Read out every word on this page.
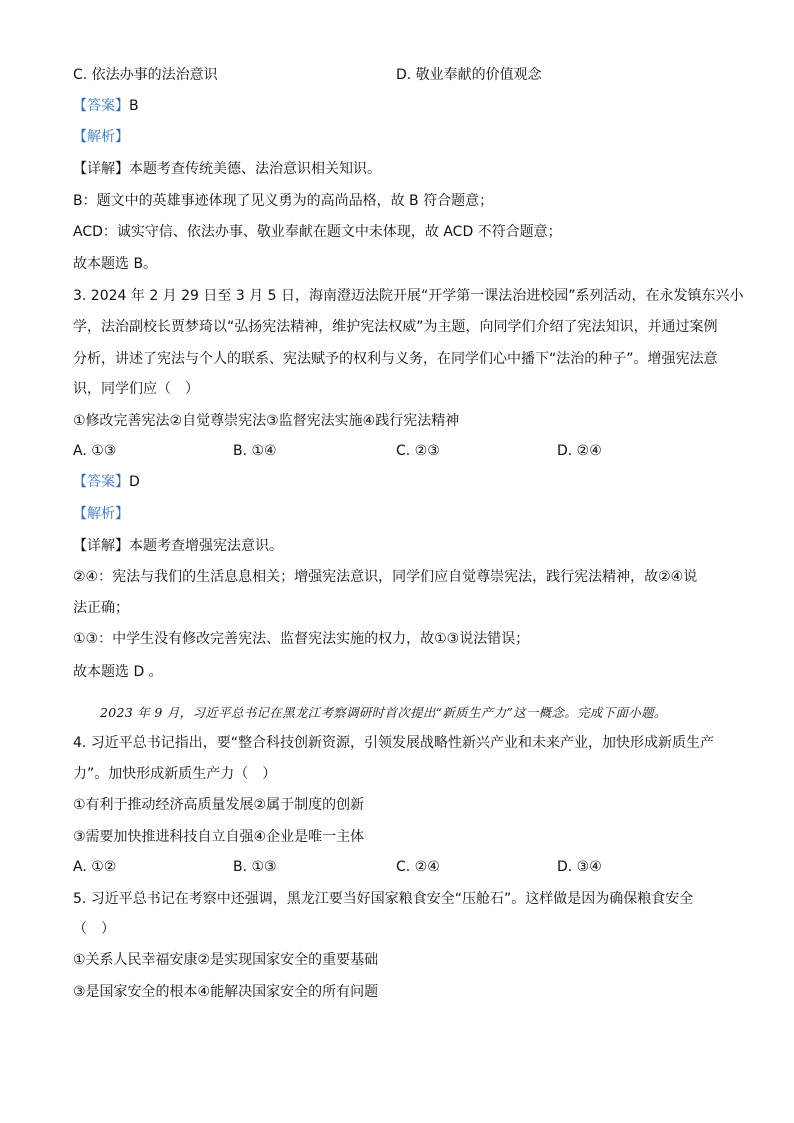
C. 依法办事的法治意识	D. 敬业奉献的价值观念
【答案】B
【解析】
【详解】本题考查传统美德、法治意识相关知识。
B：题文中的英雄事迹体现了见义勇为的高尚品格，故 B 符合题意；
ACD：诚实守信、依法办事、敬业奉献在题文中未体现，故 ACD 不符合题意；
故本题选 B。
3. 2024 年 2 月 29 日至 3 月 5 日，海南澄迈法院开展“开学第一课法治进校园”系列活动，在永发镇东兴小
学，法治副校长贾梦琦以“弘扬宪法精神，维护宪法权威”为主题，向同学们介绍了宪法知识，并通过案例
分析，讲述了宪法与个人的联系、宪法赋予的权利与义务，在同学们心中播下“法治的种子”。增强宪法意
识，同学们应（　）
①修改完善宪法②自觉尊崇宪法③监督宪法实施④践行宪法精神
A. ①③	B. ①④	C. ②③	D. ②④
【答案】D
【解析】
【详解】本题考查增强宪法意识。
②④：宪法与我们的生活息息相关；增强宪法意识，同学们应自觉尊崇宪法，践行宪法精神，故②④说
法正确；
①③：中学生没有修改完善宪法、监督宪法实施的权力，故①③说法错误；
故本题选 D 。
2023 年 9 月，习近平总书记在黑龙江考察调研时首次提出“新质生产力”这一概念。完成下面小题。
4. 习近平总书记指出，要“整合科技创新资源，引领发展战略性新兴产业和未来产业，加快形成新质生产
力”。加快形成新质生产力（　）
①有利于推动经济高质量发展②属于制度的创新
③需要加快推进科技自立自强④企业是唯一主体
A. ①②	B. ①③	C. ②④	D. ③④
5. 习近平总书记在考察中还强调，黑龙江要当好国家粮食安全“压舱石”。这样做是因为确保粮食安全
（　）
①关系人民幸福安康②是实现国家安全的重要基础
③是国家安全的根本④能解决国家安全的所有问题
